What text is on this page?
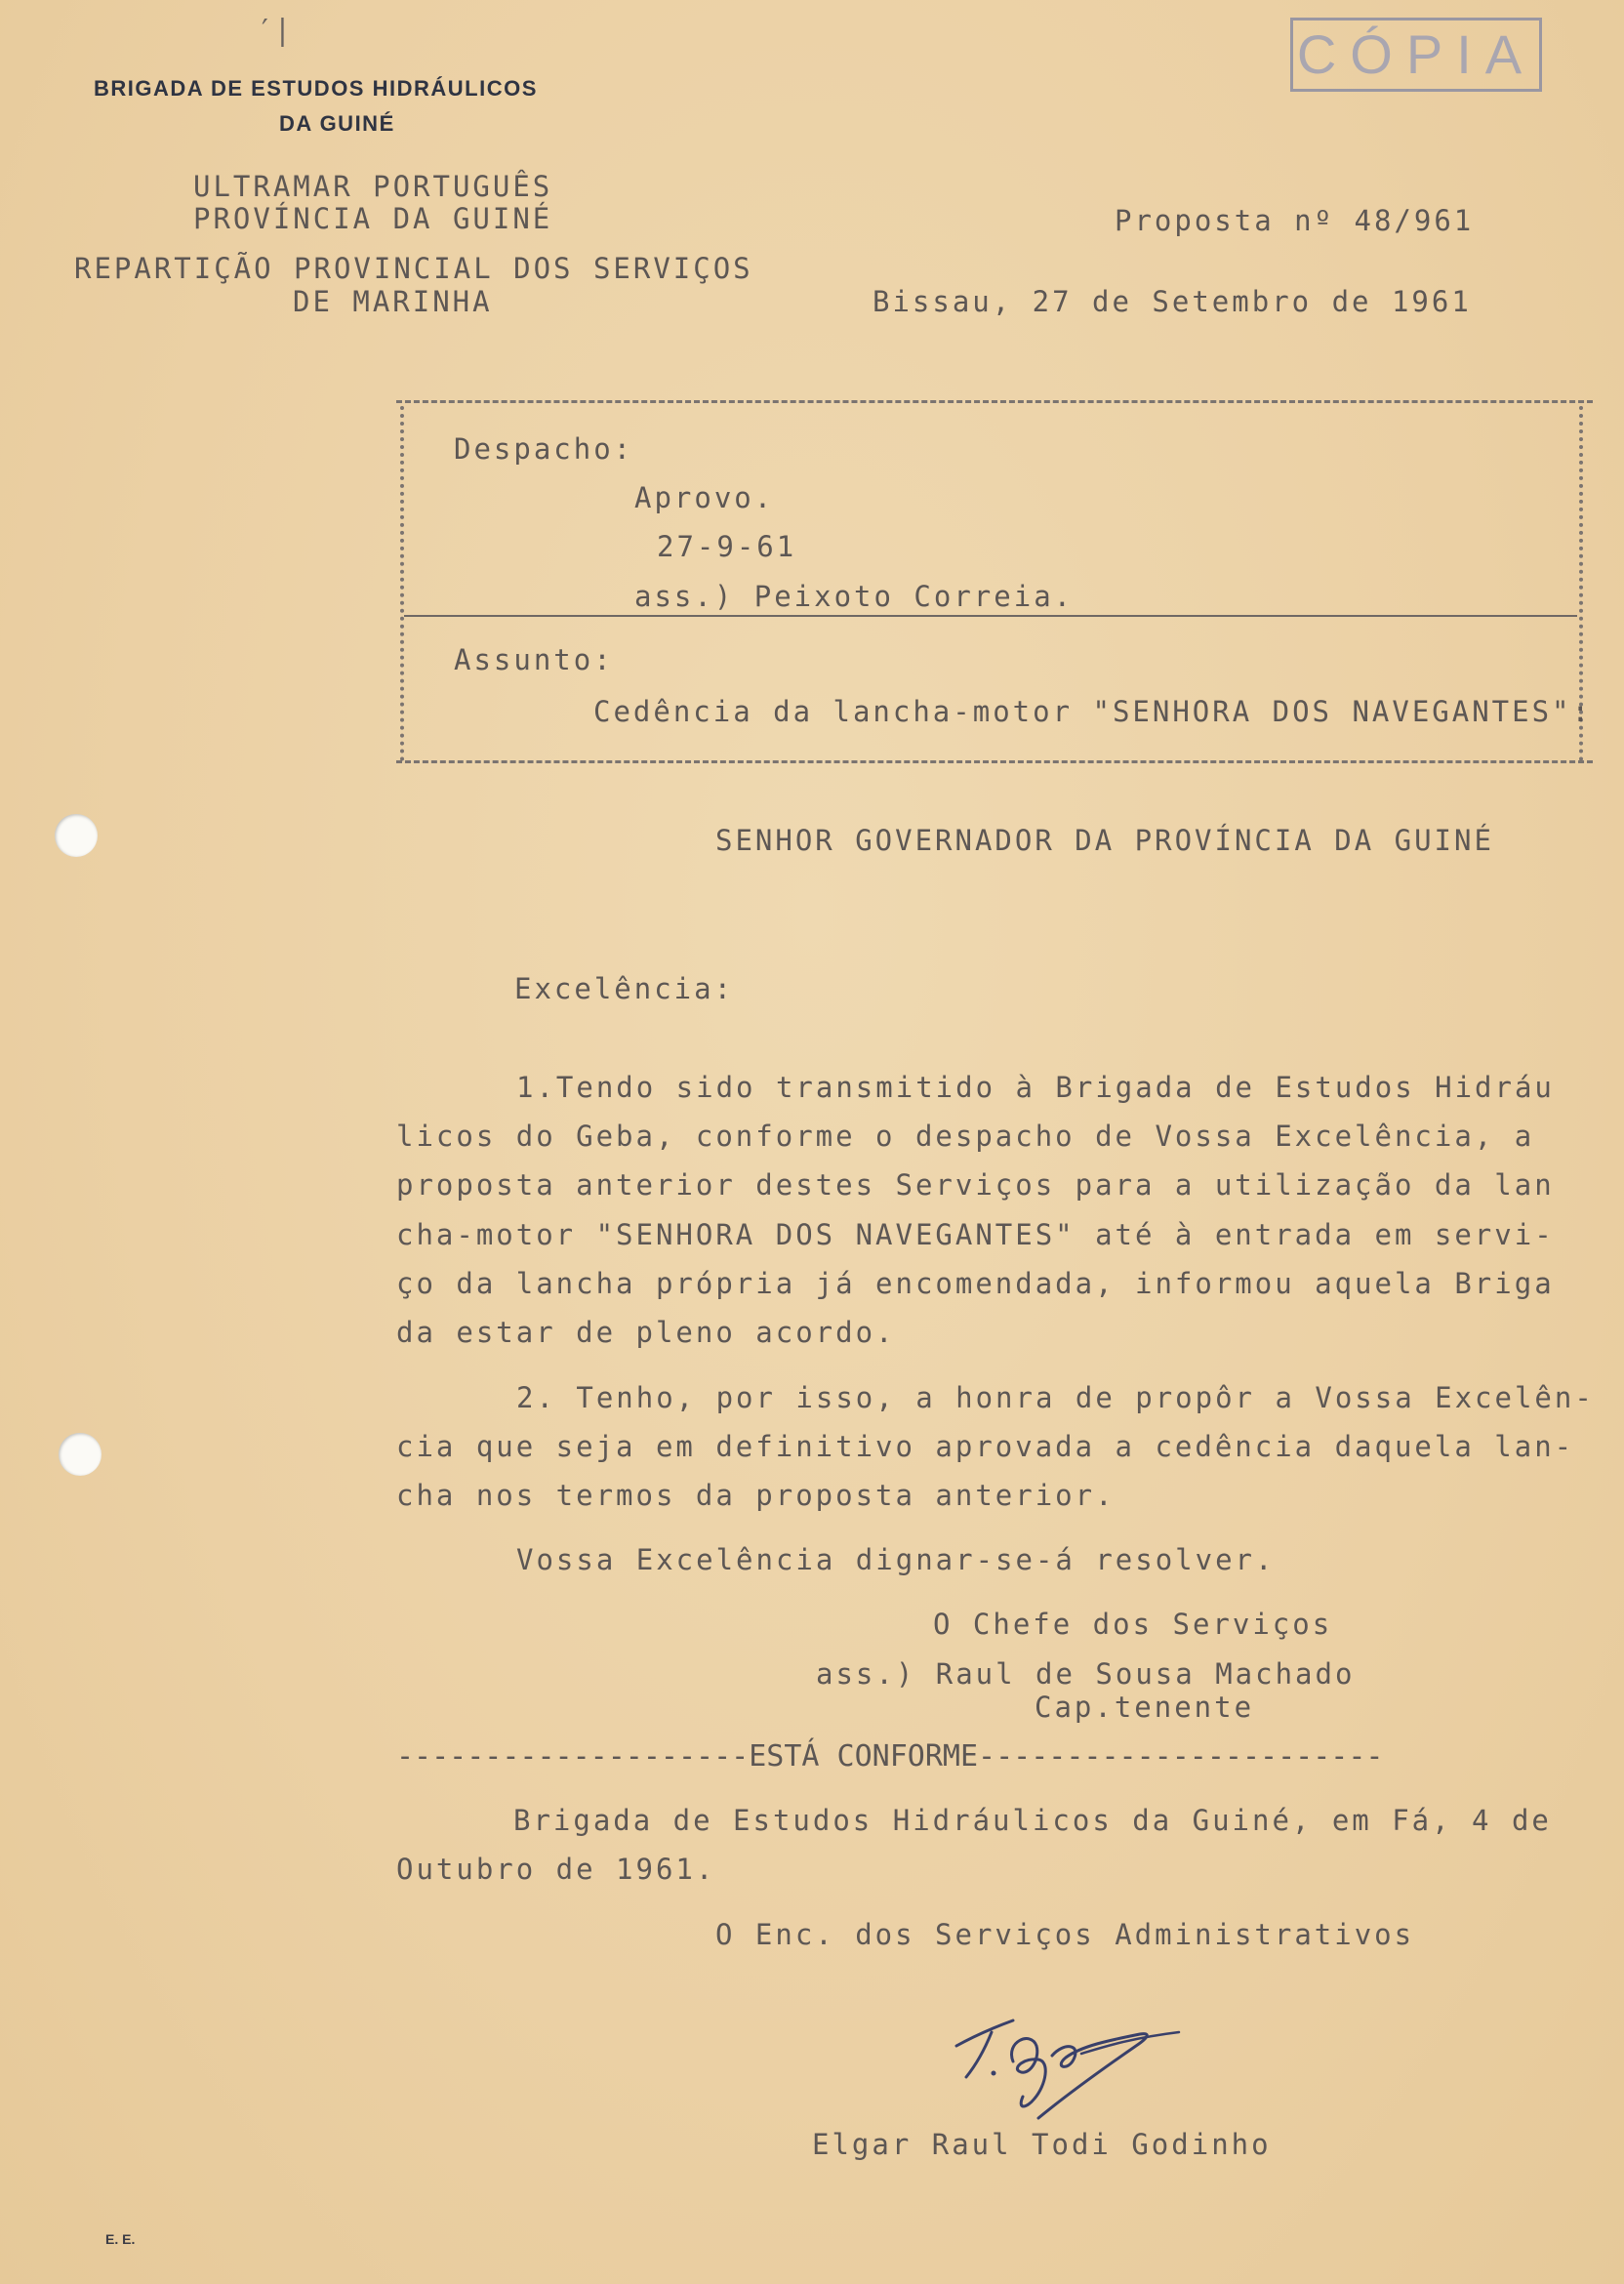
′ |	CÓPIA
BRIGADA DE ESTUDOS HIDRÁULICOS
DA GUINÉ
ULTRAMAR PORTUGUÊS
PROVÍNCIA DA GUINÉ
REPARTIÇÃO PROVINCIAL DOS SERVIÇOS
DE MARINHA
Proposta nº 48/961
Bissau, 27 de Setembro de 1961
Despacho:
Aprovo.
27-9-61
ass.) Peixoto Correia.
Assunto:
Cedência da lancha-motor "SENHORA DOS NAVEGANTES":
SENHOR GOVERNADOR DA PROVÍNCIA DA GUINÉ
Excelência:
1.Tendo sido transmitido à Brigada de Estudos Hidráu
licos do Geba, conforme o despacho de Vossa Excelência, a
proposta anterior destes Serviços para a utilização da lan
cha-motor "SENHORA DOS NAVEGANTES" até à entrada em servi-
ço da lancha própria já encomendada, informou aquela Briga
da estar de pleno acordo.
2. Tenho, por isso, a honra de propôr a Vossa Excelên-
cia que seja em definitivo aprovada a cedência daquela lan-
cha nos termos da proposta anterior.
Vossa Excelência dignar-se-á resolver.
O Chefe dos Serviços
ass.) Raul de Sousa Machado
Cap.tenente
--------------------ESTÁ CONFORME-----------------------
Brigada de Estudos Hidráulicos da Guiné, em Fá, 4 de
Outubro de 1961.
O Enc. dos Serviços Administrativos
Elgar Raul Todi Godinho
E. E.
